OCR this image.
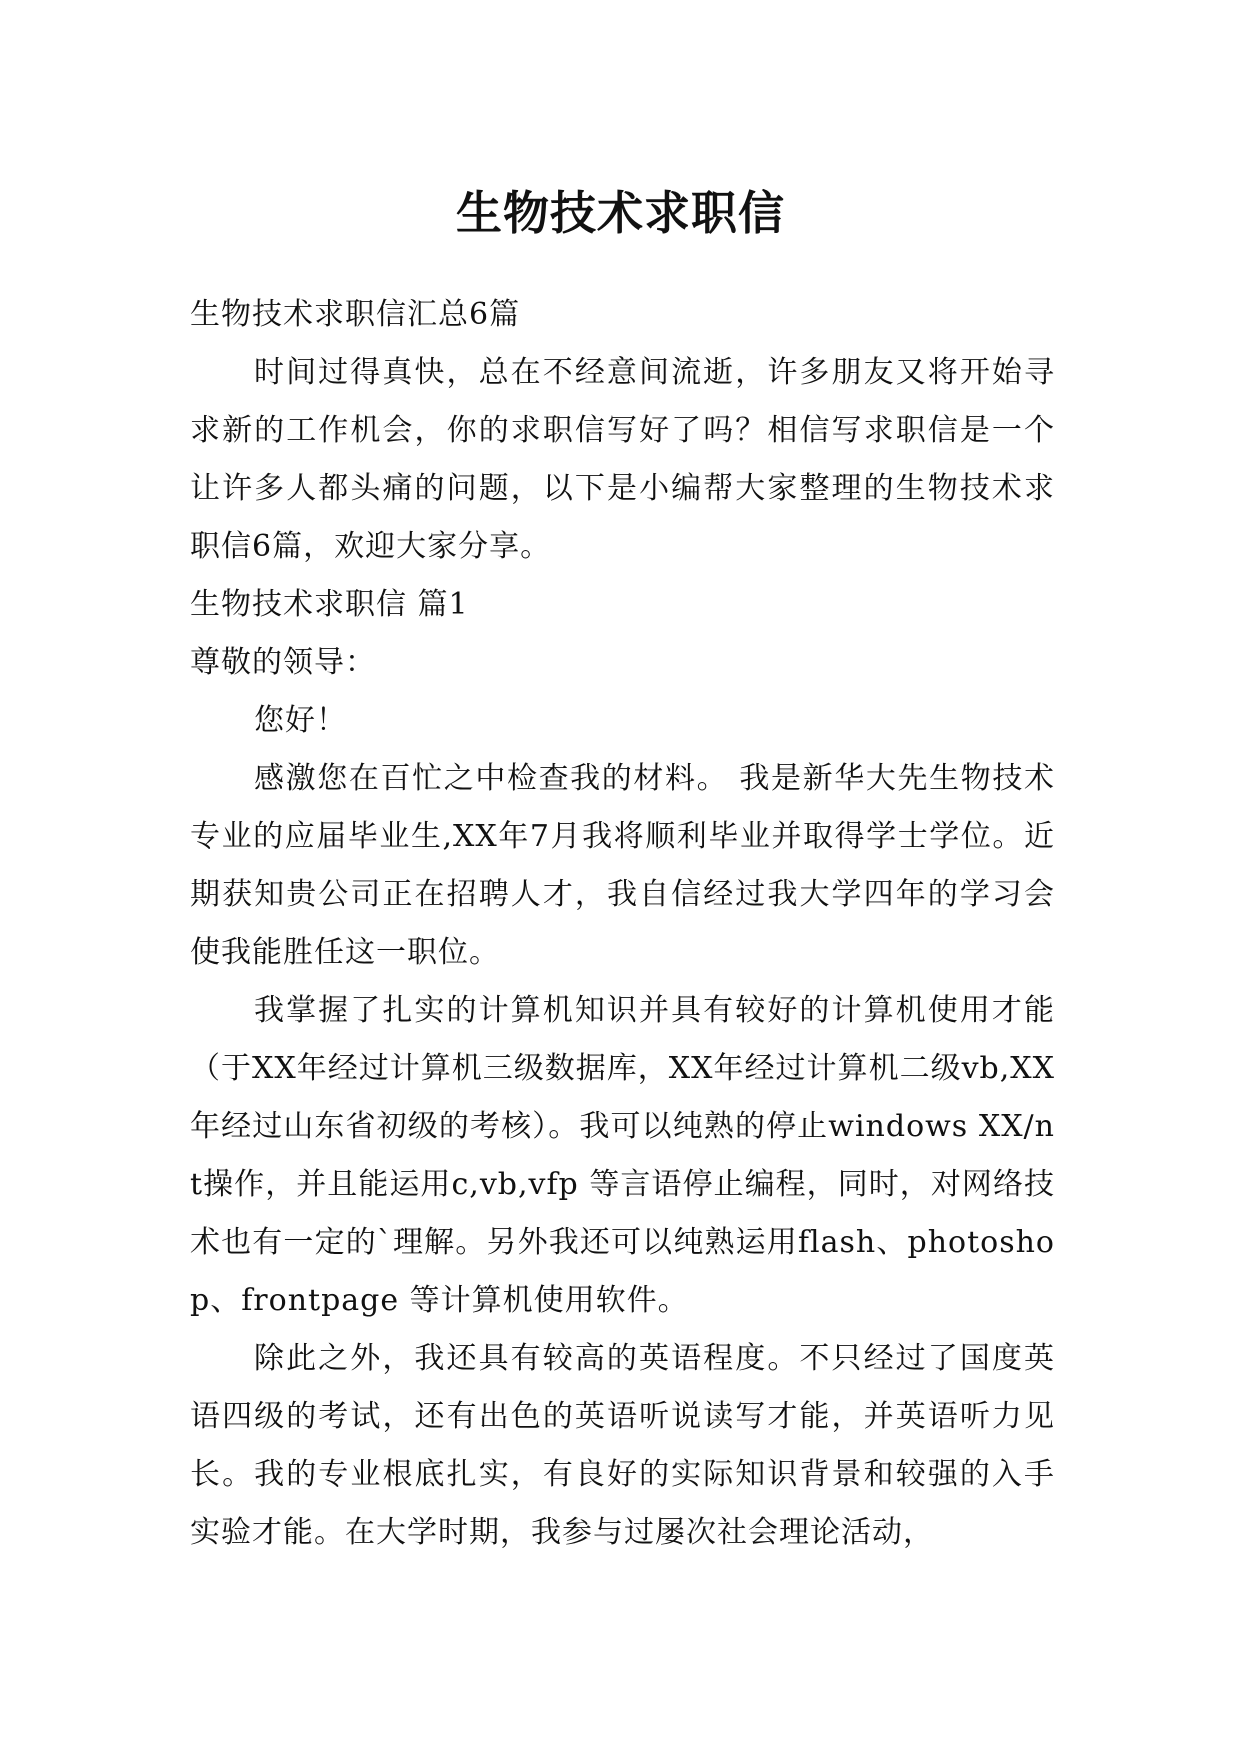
生物技术求职信

生物技术求职信汇总6篇

时间过得真快，总在不经意间流逝，许多朋友又将开始寻求新的工作机会，你的求职信写好了吗？相信写求职信是一个让许多人都头痛的问题，以下是小编帮大家整理的生物技术求职信6篇，欢迎大家分享。

生物技术求职信 篇1

尊敬的领导：

您好！

感激您在百忙之中检查我的材料。 我是新华大先生物技术专业的应届毕业生,XX年7月我将顺利毕业并取得学士学位。近期获知贵公司正在招聘人才，我自信经过我大学四年的学习会使我能胜任这一职位。

我掌握了扎实的计算机知识并具有较好的计算机使用才能（于XX年经过计算机三级数据库，XX年经过计算机二级vb,XX年经过山东省初级的考核）。我可以纯熟的停止windows XX/nt操作，并且能运用c,vb,vfp 等言语停止编程，同时，对网络技术也有一定的`理解。另外我还可以纯熟运用flash、photoshop、frontpage 等计算机使用软件。

除此之外，我还具有较高的英语程度。不只经过了国度英语四级的考试，还有出色的英语听说读写才能，并英语听力见长。我的专业根底扎实，有良好的实际知识背景和较强的入手实验才能。在大学时期，我参与过屡次社会理论活动，
